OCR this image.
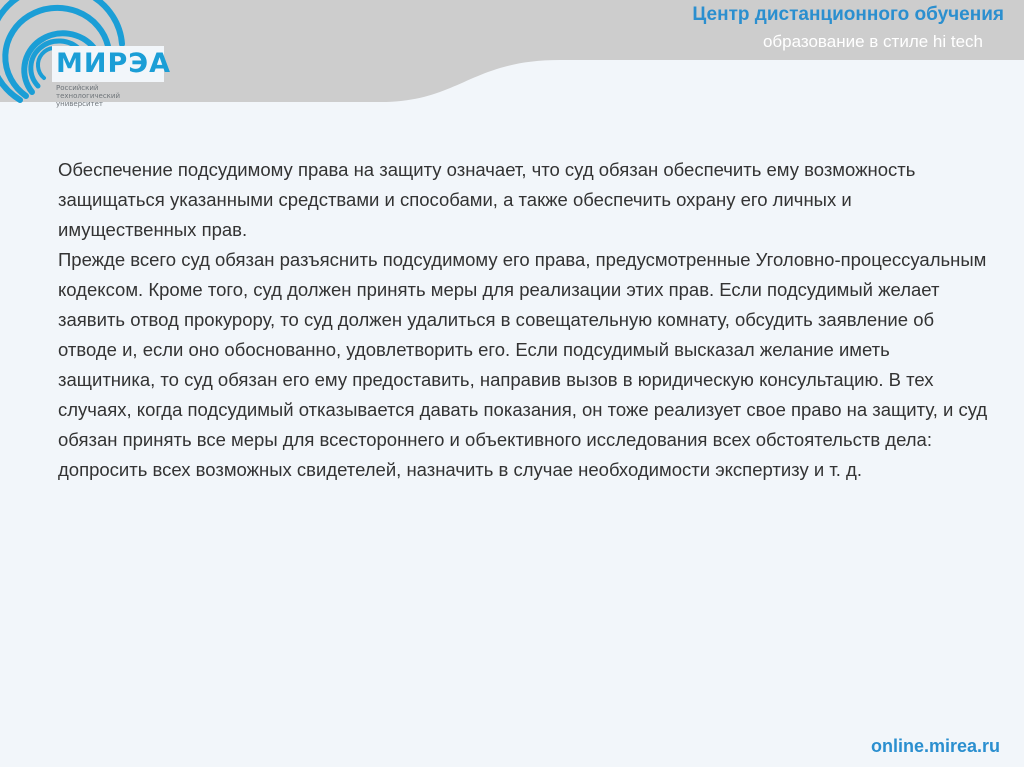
МИРЭА
Российский
технологический
университет
Центр дистанционного обучения
образование в стиле hi tech

Обеспечение подсудимому права на защиту означает, что суд обязан обеспечить ему возможность защищаться указанными средствами и способами, а также обеспечить охрану его личных и имущественных прав.

Прежде всего суд обязан разъяснить подсудимому его права, предусмотренные Уголовно-процессуальным кодексом. Кроме того, суд должен принять меры для реализации этих прав. Если подсудимый желает заявить отвод прокурору, то суд должен удалиться в совещательную комнату, обсудить заявление об отводе и, если оно обоснованно, удовлетворить его. Если подсудимый высказал желание иметь защитника, то суд обязан его ему предоставить, направив вызов в юридическую консультацию. В тех случаях, когда подсудимый отказывается давать показания, он тоже реализует свое право на защиту, и суд обязан принять все меры для всестороннего и объективного исследования всех обстоятельств дела: допросить всех возможных свидетелей, назначить в случае необходимости экспертизу и т. д.

online.mirea.ru
